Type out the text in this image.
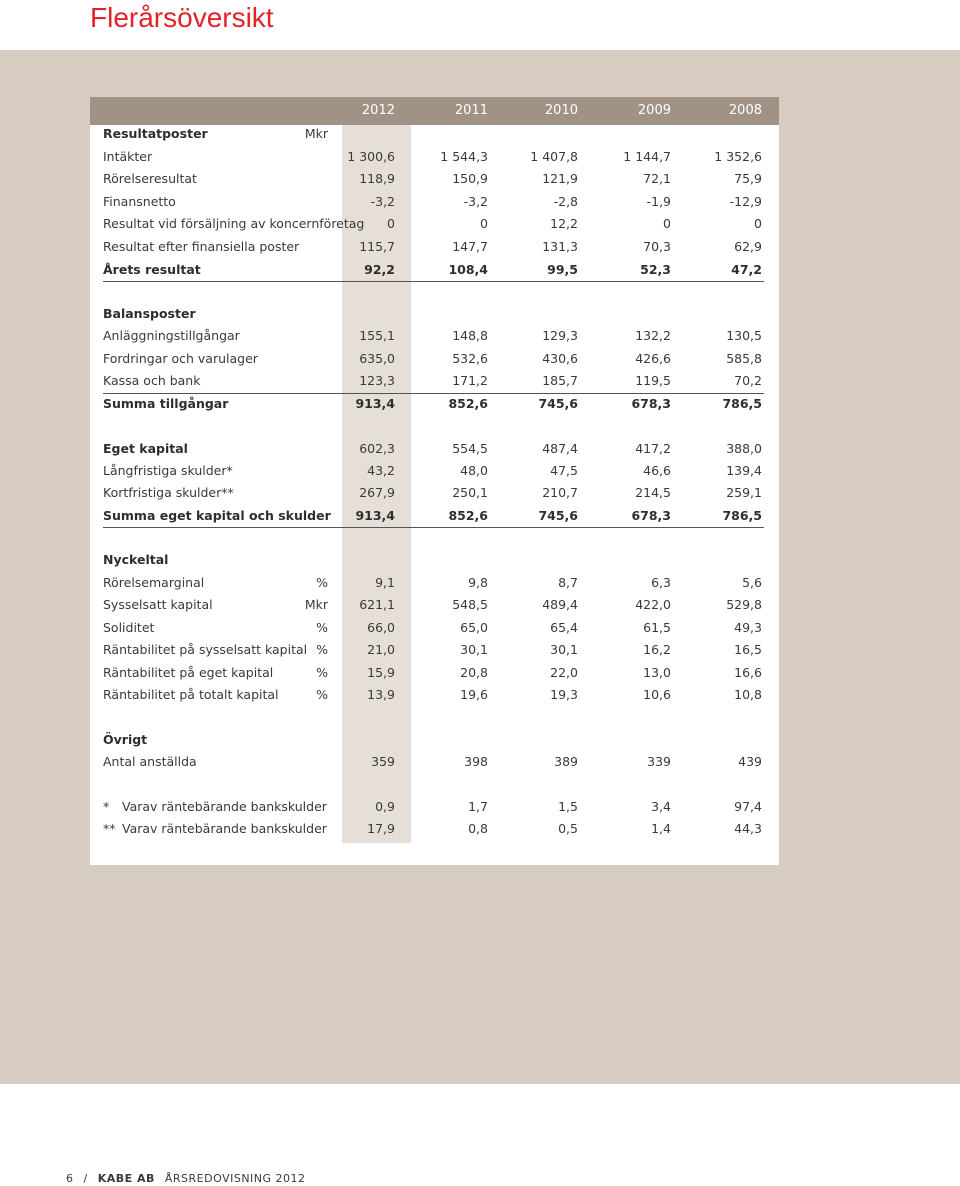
Flerårsöversikt
2012	2011	2010	2009	2008
Resultatposter	Mkr
Intäkter	1 300,6	1 544,3	1 407,8	1 144,7	1 352,6
Rörelseresultat	118,9	150,9	121,9	72,1	75,9
Finansnetto	-3,2	-3,2	-2,8	-1,9	-12,9
Resultat vid försäljning av koncernföretag	0	0	12,2	0	0
Resultat efter finansiella poster	115,7	147,7	131,3	70,3	62,9
Årets resultat	92,2	108,4	99,5	52,3	47,2
Balansposter
Anläggningstillgångar	155,1	148,8	129,3	132,2	130,5
Fordringar och varulager	635,0	532,6	430,6	426,6	585,8
Kassa och bank	123,3	171,2	185,7	119,5	70,2
Summa tillgångar	913,4	852,6	745,6	678,3	786,5
Eget kapital	602,3	554,5	487,4	417,2	388,0
Långfristiga skulder*	43,2	48,0	47,5	46,6	139,4
Kortfristiga skulder**	267,9	250,1	210,7	214,5	259,1
Summa eget kapital och skulder	913,4	852,6	745,6	678,3	786,5
Nyckeltal
Rörelsemarginal	%	9,1	9,8	8,7	6,3	5,6
Sysselsatt kapital	Mkr	621,1	548,5	489,4	422,0	529,8
Soliditet	%	66,0	65,0	65,4	61,5	49,3
Räntabilitet på sysselsatt kapital %	21,0	30,1	30,1	16,2	16,5
Räntabilitet på eget kapital	%	15,9	20,8	22,0	13,0	16,6
Räntabilitet på totalt kapital	%	13,9	19,6	19,3	10,6	10,8
Övrigt
Antal anställda	359	398	389	339	439
* Varav räntebärande bankskulder	0,9	1,7	1,5	3,4	97,4
** Varav räntebärande bankskulder	17,9	0,8	0,5	1,4	44,3
6 / KABE AB ÅRSREDOVISNING 2012
